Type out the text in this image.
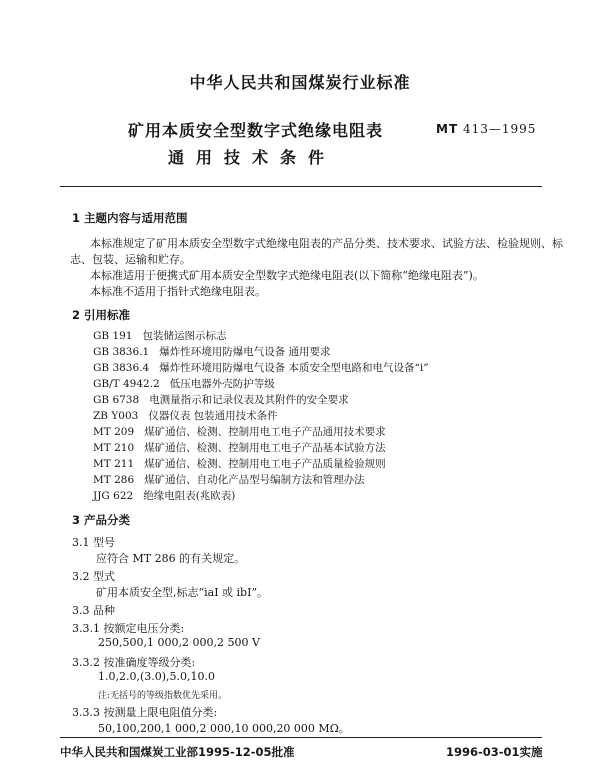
中华人民共和国煤炭行业标准
矿用本质安全型数字式绝缘电阻表
通用技术条件
MT 413—1995
1 主题内容与适用范围
本标准规定了矿用本质安全型数字式绝缘电阻表的产品分类、技术要求、试验方法、检验规则、标
志、包装、运输和贮存。
本标准适用于便携式矿用本质安全型数字式绝缘电阻表(以下简称“绝缘电阻表”)。
本标准不适用于指针式绝缘电阻表。
2 引用标准
GB 191 包装储运图示标志
GB 3836.1 爆炸性环境用防爆电气设备 通用要求
GB 3836.4 爆炸性环境用防爆电气设备 本质安全型电路和电气设备“i”
GB/T 4942.2 低压电器外壳防护等级
GB 6738 电测量指示和记录仪表及其附件的安全要求
ZB Y003 仪器仪表 包装通用技术条件
MT 209 煤矿通信、检测、控制用电工电子产品通用技术要求
MT 210 煤矿通信、检测、控制用电工电子产品基本试验方法
MT 211 煤矿通信、检测、控制用电工电子产品质量检验规则
MT 286 煤矿通信、自动化产品型号编制方法和管理办法
JJG 622 绝缘电阻表(兆欧表)
3 产品分类
3.1 型号
应符合 MT 286 的有关规定。
3.2 型式
矿用本质安全型,标志“iaI 或 ibI”。
3.3 品种
3.3.1 按额定电压分类:
250,500,1 000,2 000,2 500 V
3.3.2 按准确度等级分类:
1.0,2.0,(3.0),5.0,10.0
注:无括号的等级指数优先采用。
3.3.3 按测量上限电阻值分类:
50,100,200,1 000,2 000,10 000,20 000 MΩ。
中华人民共和国煤炭工业部1995-12-05批准	1996-03-01实施
